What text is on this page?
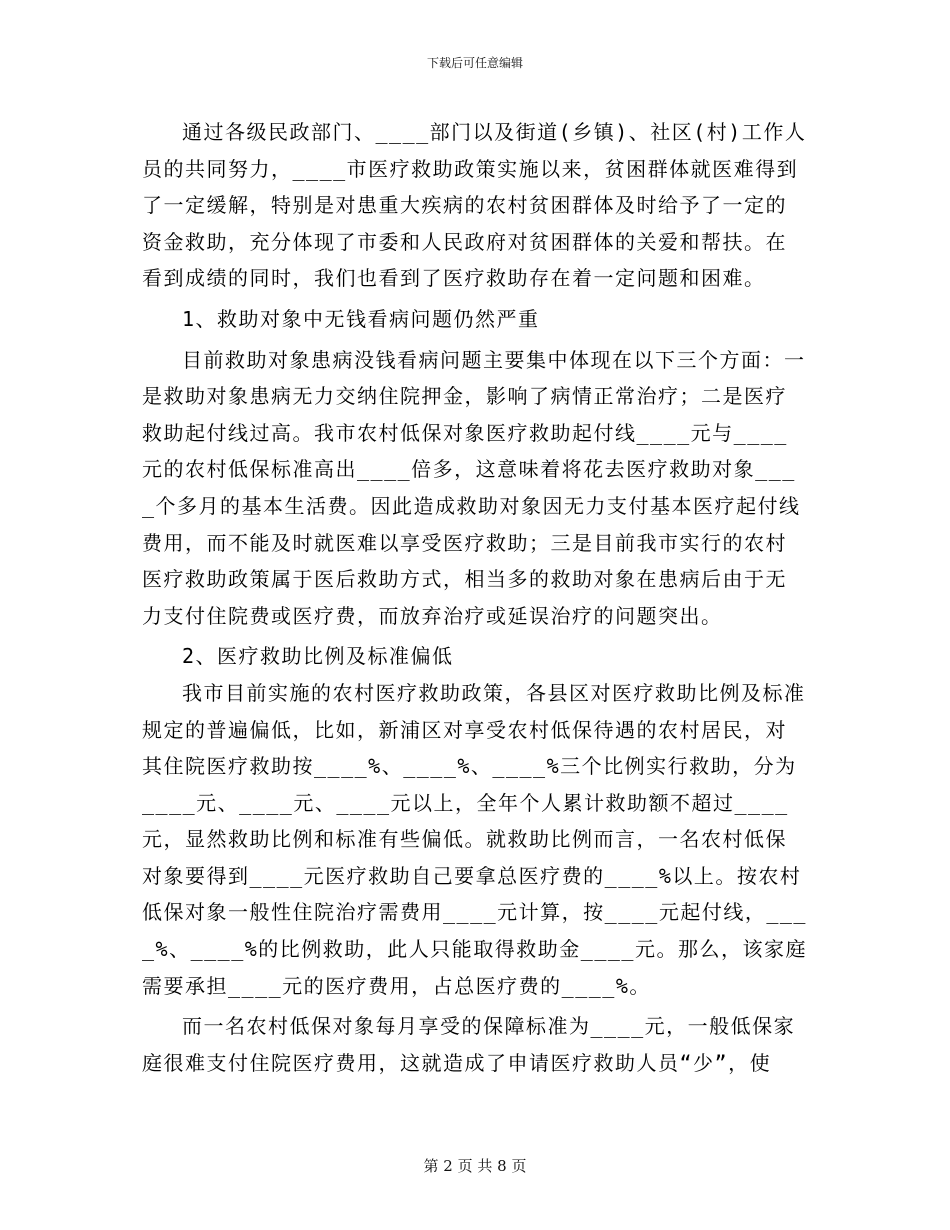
下载后可任意编辑

通过各级民政部门、____部门以及街道(乡镇)、社区(村)工作人员的共同努力，____市医疗救助政策实施以来，贫困群体就医难得到了一定缓解，特别是对患重大疾病的农村贫困群体及时给予了一定的资金救助，充分体现了市委和人民政府对贫困群体的关爱和帮扶。在看到成绩的同时，我们也看到了医疗救助存在着一定问题和困难。

1、救助对象中无钱看病问题仍然严重

目前救助对象患病没钱看病问题主要集中体现在以下三个方面：一是救助对象患病无力交纳住院押金，影响了病情正常治疗；二是医疗救助起付线过高。我市农村低保对象医疗救助起付线____元与____元的农村低保标准高出____倍多，这意味着将花去医疗救助对象____个多月的基本生活费。因此造成救助对象因无力支付基本医疗起付线费用，而不能及时就医难以享受医疗救助；三是目前我市实行的农村医疗救助政策属于医后救助方式，相当多的救助对象在患病后由于无力支付住院费或医疗费，而放弃治疗或延误治疗的问题突出。

2、医疗救助比例及标准偏低

我市目前实施的农村医疗救助政策，各县区对医疗救助比例及标准规定的普遍偏低，比如，新浦区对享受农村低保待遇的农村居民，对其住院医疗救助按____%、____%、____%三个比例实行救助，分为____元、____元、____元以上，全年个人累计救助额不超过____元，显然救助比例和标准有些偏低。就救助比例而言，一名农村低保对象要得到____元医疗救助自己要拿总医疗费的____%以上。按农村低保对象一般性住院治疗需费用____元计算，按____元起付线，____%、____%的比例救助，此人只能取得救助金____元。那么，该家庭需要承担____元的医疗费用，占总医疗费的____%。

而一名农村低保对象每月享受的保障标准为____元，一般低保家庭很难支付住院医疗费用，这就造成了申请医疗救助人员“少”，使

第 2 页 共 8 页
